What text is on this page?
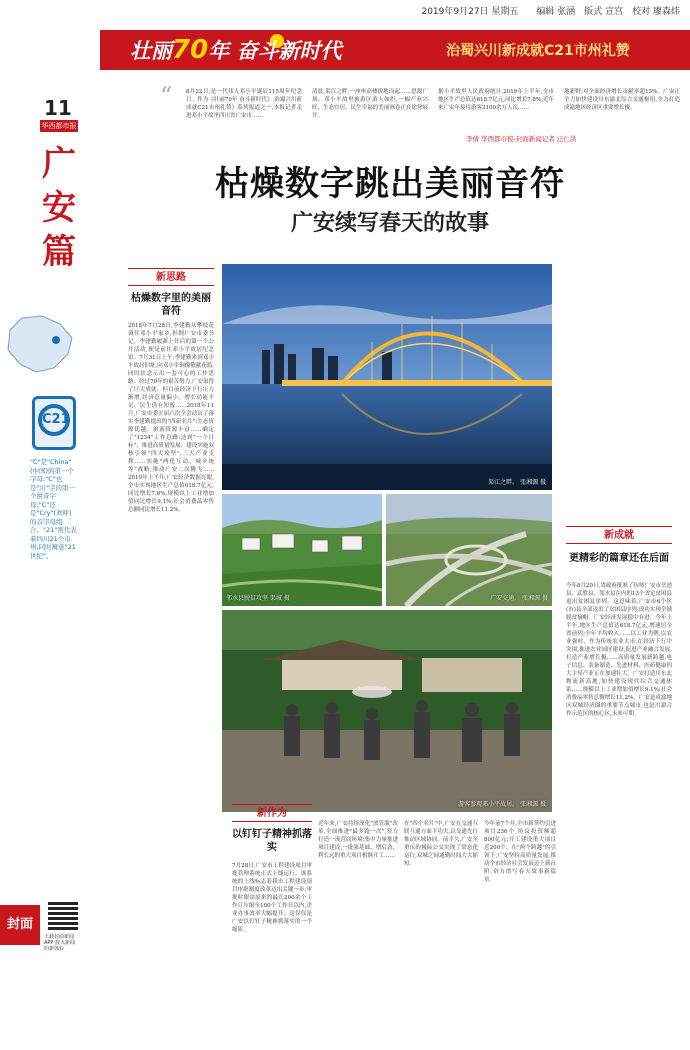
2019年9月27日 星期五　　编辑 张涵　版式 宣宫　校对 廖森炜
壮丽70年 奋斗新时代	治蜀兴川新成就C21市州礼赞
11
华西都市报
广安篇
C21
"C"是"China"(中国)的第一个字母;"C"也是"川"字的第一个拼音字母;"C"还是"Cry"(欢呼)的首字母组合。"21"则代表着四川21个市州,同时寓意"21世纪"。
封面
下载封面新闻APP 投入新闻的新体验
“	8月22日,是一代伟人邓小平诞辰115周年纪念日。作为《壮丽70年 奋斗新时代》,治蜀兴川新成就C21市州礼赞》系列报道之一,本报记者走进邓小平故里四川省广安市……
清晨,渠江之畔,一座座高楼拔地而起……思源广场、邓小平故里旅游区游人如织,一幅产业兴旺、生态宜居、民生幸福的美丽画卷正在徐徐展开。
据小平故里人民政府统计,2019年上半年,全市地区生产总值达618.7亿元,同比增长7.8%;近年来广安年接待游客3100余万人次……
地新野,对全面经济增长贡献率超15%。广安正全力加快建设川东渝北综合交通枢纽,全力打造成渝地区经济区重要增长极。
李倩 华西都市报-封面新闻记者 汪仁洪
枯燥数字跳出美丽音符
广安续写春天的故事
新思路
枯燥数字里的美丽音符
2018年7月28日,李建勤从攀枝花调任邓小平家乡,担纲广安市委书记。李建勤履新上任后的第一个公开活动,便是前往邓小平故居纪念馆。7月31日上午,李建勤来到邓小平故居旧址,向邓小平铜像敬献花篮,同时挂念示出一套可心的工作思路。经过70年的艰苦努力,广安取得了巨大成就。但目前经济下行压力渐增,经济总量偏小、增长动能不足、民生仍有短板……2018年11月,广安市委五届六次全会动员了落实李建勤提出的"四新名片":生态资源优越、旅游资源丰富……确定了"1234"工作总路:达到"一个目标"、推进高质量发展、建设实施双核引领"四大攻坚",三大产业支撑……实施"两化互动、城乡统筹"战略,推动广安二次腾飞……2019年上半年,广安经济数据亮眼,全市实现地区生产总值618.7亿元,同比增长7.8%,规模以上工业增加值同比增长9.1%;社会消费品零售总额同比增长11.2%。
渠江之畔。 张湘源 摄
邻水县脱贫攻坚 渠城 摄	广安交通。 张湘源 摄
游客参观邓小平故居。 张湘源 摄
新成就
更精彩的篇章还在后面
今年8月20日,省政府批准了伍师广安市岳池县、武胜县、邻水县在内的13个省定贫困县退出贫困县序列。这意味着,广安市6个区(市)县全部退出了贫困县序列,成功实现全域脱贫摘帽。广安经济发展稳中有进。今年上半年,地区生产总值达618.7亿元,增速居全省前列;全年平均收入……以工业为例,以农业强村、作为传统农业大市,在经济下行中突围,推进农业园区建设,促进产业融合发展,打造产业增长极……高质量发展新跨越,电子信息、装备制造、先进材料、医药健康四大主导产业正在加速壮大。广安打造川东北物流新高地,加快建设现代综合交通体系……规模以上工业增加值增长9.1%;社会消费品零售总额增长11.2%。广安是成渝地区双城经济圈的重要节点城市,也是川渝合作示范区的核心区,未来可期。
新作为
以钉钉子精神抓落实
7月28日,广安市工程建设项目审批管理系统正式上线运行。该系统的上线标志着我市工程建设项目审批制度改革迈出关键一步,审批时限由原来的最长200余个工作日压缩至100个工作日以内,企业办事效率大幅提升。这仅仅是广安以钉钉子精神抓落实的一个缩影。
近年来,广安持续深化"放管服"改革,全面推进"最多跑一次",努力打造一流营商环境;集中力量推进项目建设,一批强基础、增后劲、利长远的重大项目相继开工……
在"四个名片"中,广安在交通互联互通方面下功夫,以交通先行推动区域协同。前不久,广安至重庆的城际公交实现了常态化运行,双城之间通勤时间大大缩短。
今年前7个月,全市新签约引进项目230个,协议投资额超800亿元;开工建设重大项目近200个。在"两个跨越"的引领下,广安坚持高质量发展,推动全市经济社会发展迈上新台阶,奋力谱写春天故事新篇章。
